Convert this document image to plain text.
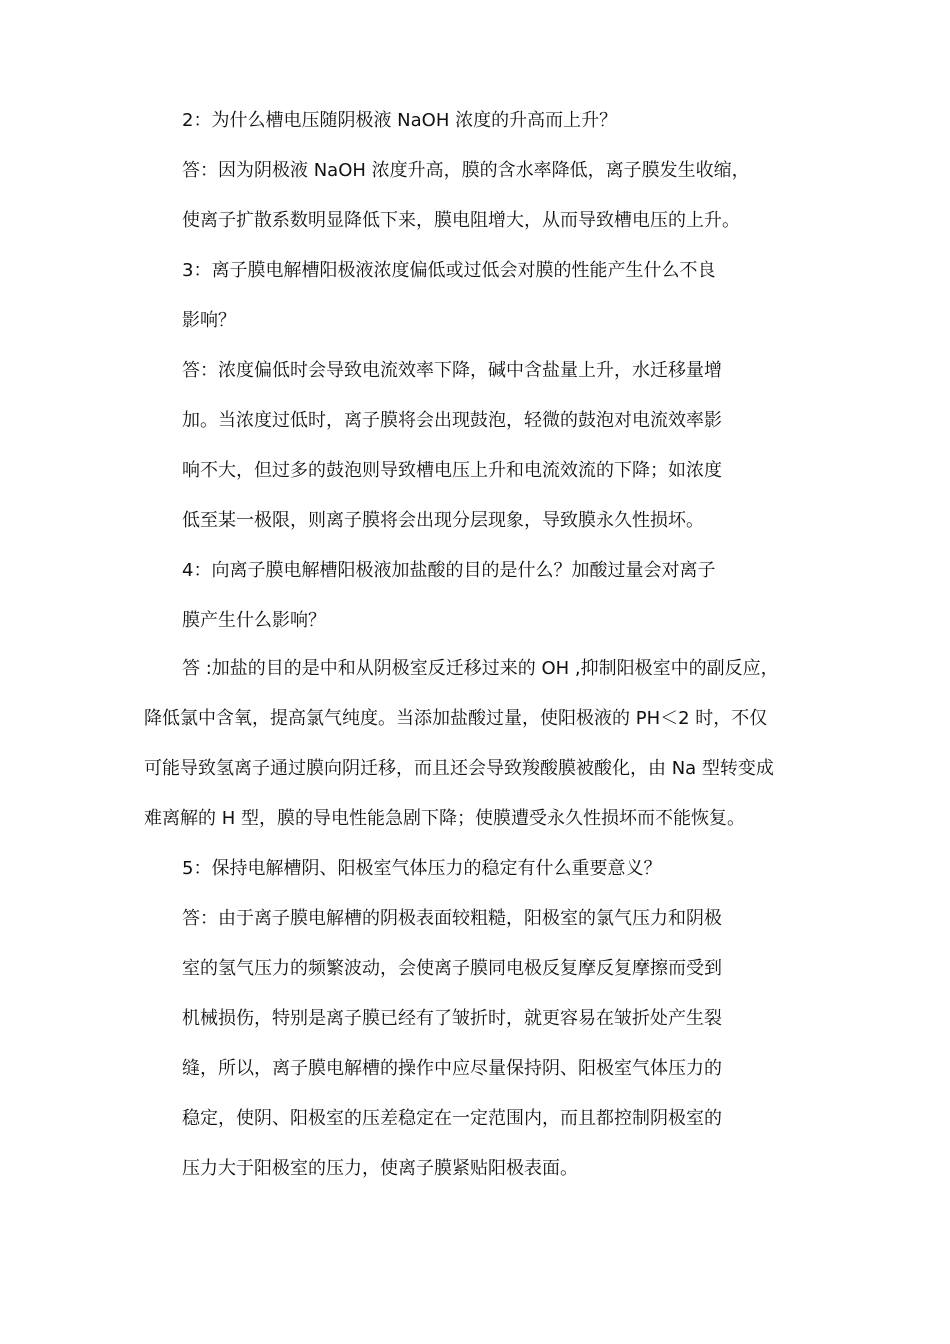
2：为什么槽电压随阴极液 NaOH 浓度的升高而上升？
答：因为阴极液 NaOH 浓度升高，膜的含水率降低，离子膜发生收缩，
使离子扩散系数明显降低下来，膜电阻增大，从而导致槽电压的上升。
3：离子膜电解槽阳极液浓度偏低或过低会对膜的性能产生什么不良
影响？
答：浓度偏低时会导致电流效率下降，碱中含盐量上升，水迁移量增
加。当浓度过低时，离子膜将会出现鼓泡，轻微的鼓泡对电流效率影
响不大，但过多的鼓泡则导致槽电压上升和电流效流的下降；如浓度
低至某一极限，则离子膜将会出现分层现象，导致膜永久性损坏。
4：向离子膜电解槽阳极液加盐酸的目的是什么？加酸过量会对离子
膜产生什么影响？
答 :加盐的目的是中和从阴极室反迁移过来的 OH ,抑制阳极室中的副反应，
降低氯中含氧，提高氯气纯度。当添加盐酸过量，使阳极液的 PH＜2 时，不仅
可能导致氢离子通过膜向阴迁移，而且还会导致羧酸膜被酸化，由 Na 型转变成
难离解的 H 型，膜的导电性能急剧下降；使膜遭受永久性损坏而不能恢复。
5：保持电解槽阴、阳极室气体压力的稳定有什么重要意义？
答：由于离子膜电解槽的阴极表面较粗糙，阳极室的氯气压力和阴极
室的氢气压力的频繁波动，会使离子膜同电极反复摩反复摩擦而受到
机械损伤，特别是离子膜已经有了皱折时，就更容易在皱折处产生裂
缝，所以，离子膜电解槽的操作中应尽量保持阴、阳极室气体压力的
稳定，使阴、阳极室的压差稳定在一定范围内，而且都控制阴极室的
压力大于阳极室的压力，使离子膜紧贴阳极表面。
